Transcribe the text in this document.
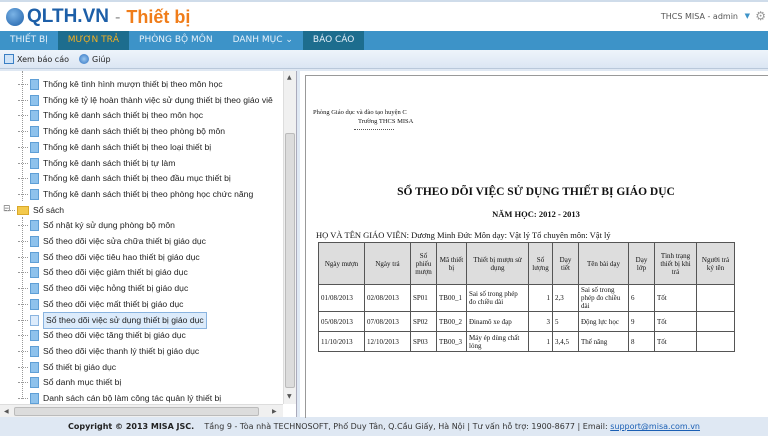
QLTH.VN - Thiết bị	THCS MISA - admin ▼ ⚙
THIẾT BỊ	MƯỢN TRẢ	PHÒNG BỘ MÔN	DANH MỤC ⌄	BÁO CÁO
Xem báo cáo	Giúp
Thống kê tình hình mượn thiết bị theo môn học
Thống kê tỷ lệ hoàn thành việc sử dụng thiết bị theo giáo viê
Thống kê danh sách thiết bị theo môn học
Thống kê danh sách thiết bị theo phòng bộ môn
Thống kê danh sách thiết bị theo loại thiết bị
Thống kê danh sách thiết bị tự làm
Thống kê danh sách thiết bị theo đầu mục thiết bị
Thống kê danh sách thiết bị theo phòng học chức năng
Sổ sách
⊟
Sổ nhật ký sử dụng phòng bộ môn
Sổ theo dõi việc sửa chữa thiết bị giáo dục
Sổ theo dõi việc tiêu hao thiết bị giáo dục
Sổ theo dõi việc giảm thiết bị giáo dục
Sổ theo dõi việc hỏng thiết bị giáo dục
Sổ theo dõi việc mất thiết bị giáo dục
Sổ theo dõi việc sử dụng thiết bị giáo dục
Sổ theo dõi việc tăng thiết bị giáo dục
Sổ theo dõi việc thanh lý thiết bị giáo dục
Sổ thiết bị giáo dục
Sổ danh mục thiết bị
Danh sách cán bộ làm công tác quản lý thiết bị
▲
▼
◀	▶
Phòng Giáo dục và đào tạo huyện C
Trường THCS MISA
SỔ THEO DÕI VIỆC SỬ DỤNG THIẾT BỊ GIÁO DỤC
NĂM HỌC: 2012 - 2013
HỌ VÀ TÊN GIÁO VIÊN: Dương Minh Đức Môn dạy: Vật lý Tổ chuyên môn: Vật lý
Ngày mượn	Ngày trả	Số phiếu mượn	Mã thiết bị	Thiết bị mượn sử dụng	Số lượng	Dạy tiết	Tên bài dạy	Dạy lớp	Tình trạng thiết bị khi trả	Người trả ký tên
01/08/2013	02/08/2013	SP01	TB00_1	Sai số trong phép đo chiều dài	1	2,3	Sai số trong phép đo chiều dài	6	Tốt	
05/08/2013	07/08/2013	SP02	TB00_2	Đinamô xe đạp	3	5	Động lực học	9	Tốt	
11/10/2013	12/10/2013	SP03	TB00_3	Máy ép dùng chất lỏng	1	3,4,5	Thế năng	8	Tốt	
Copyright © 2013 MISA JSC. Tầng 9 - Tòa nhà TECHNOSOFT, Phố Duy Tân, Q.Cầu Giấy, Hà Nội | Tư vấn hỗ trợ: 1900-8677 | Email: support@misa.com.vn
